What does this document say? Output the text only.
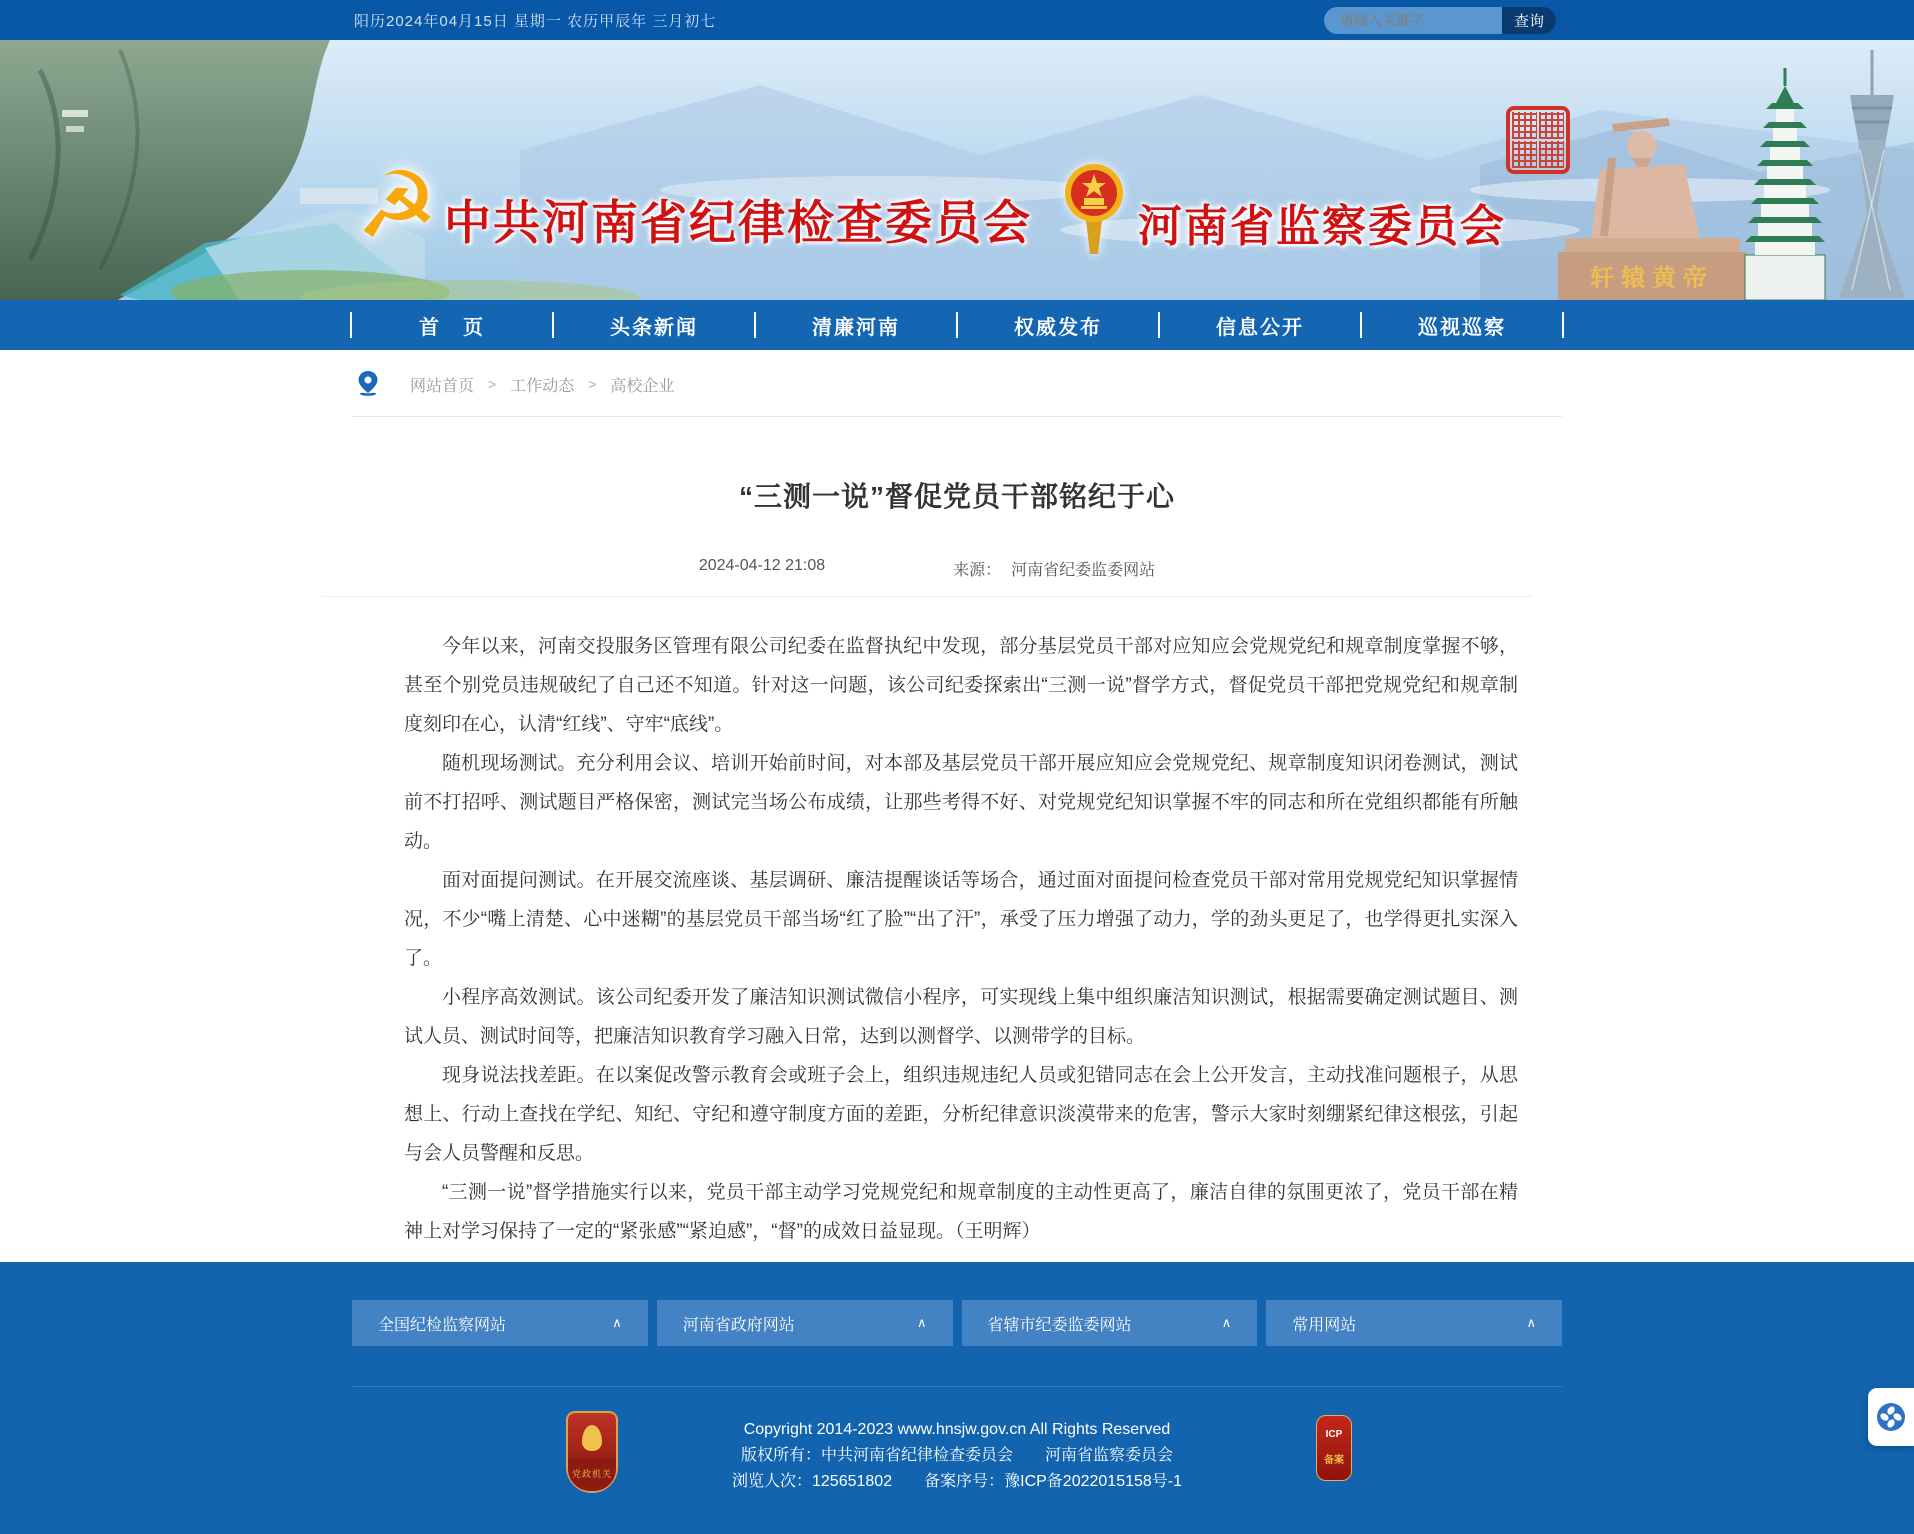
阳历2024年04月15日 星期一 农历甲辰年 三月初七
请输入关键字	查询
轩辕黄帝
☭ 中共河南省纪律检查委员会 河南省监察委员会
首　页	头条新闻	清廉河南	权威发布	信息公开	巡视巡察
网站首页 > 工作动态 > 高校企业
“三测一说”督促党员干部铭纪于心
2024-04-12 21:08	来源： 河南省纪委监委网站

今年以来，河南交投服务区管理有限公司纪委在监督执纪中发现，部分基层党员干部对应知应会党规党纪和规章制度掌握不够，甚至个别党员违规破纪了自己还不知道。针对这一问题，该公司纪委探索出“三测一说”督学方式，督促党员干部把党规党纪和规章制度刻印在心，认清“红线”、守牢“底线”。

随机现场测试。充分利用会议、培训开始前时间，对本部及基层党员干部开展应知应会党规党纪、规章制度知识闭卷测试，测试前不打招呼、测试题目严格保密，测试完当场公布成绩，让那些考得不好、对党规党纪知识掌握不牢的同志和所在党组织都能有所触动。

面对面提问测试。在开展交流座谈、基层调研、廉洁提醒谈话等场合，通过面对面提问检查党员干部对常用党规党纪知识掌握情况，不少“嘴上清楚、心中迷糊”的基层党员干部当场“红了脸”“出了汗”，承受了压力增强了动力，学的劲头更足了，也学得更扎实深入了。

小程序高效测试。该公司纪委开发了廉洁知识测试微信小程序，可实现线上集中组织廉洁知识测试，根据需要确定测试题目、测试人员、测试时间等，把廉洁知识教育学习融入日常，达到以测督学、以测带学的目标。

现身说法找差距。在以案促改警示教育会或班子会上，组织违规违纪人员或犯错同志在会上公开发言，主动找准问题根子，从思想上、行动上查找在学纪、知纪、守纪和遵守制度方面的差距，分析纪律意识淡漠带来的危害，警示大家时刻绷紧纪律这根弦，引起与会人员警醒和反思。

“三测一说”督学措施实行以来，党员干部主动学习党规党纪和规章制度的主动性更高了，廉洁自律的氛围更浓了，党员干部在精神上对学习保持了一定的“紧张感”“紧迫感”，“督”的成效日益显现。（王明辉）

全国纪检监察网站	∧	河南省政府网站	∧	省辖市纪委监委网站	∧	常用网站	∧
党政机关
Copyright 2014-2023 www.hnsjw.gov.cn All Rights Reserved
版权所有：中共河南省纪律检查委员会　　河南省监察委员会
浏览人次：125651802　　 备案序号：豫ICP备2022015158号-1
ICP
备案
